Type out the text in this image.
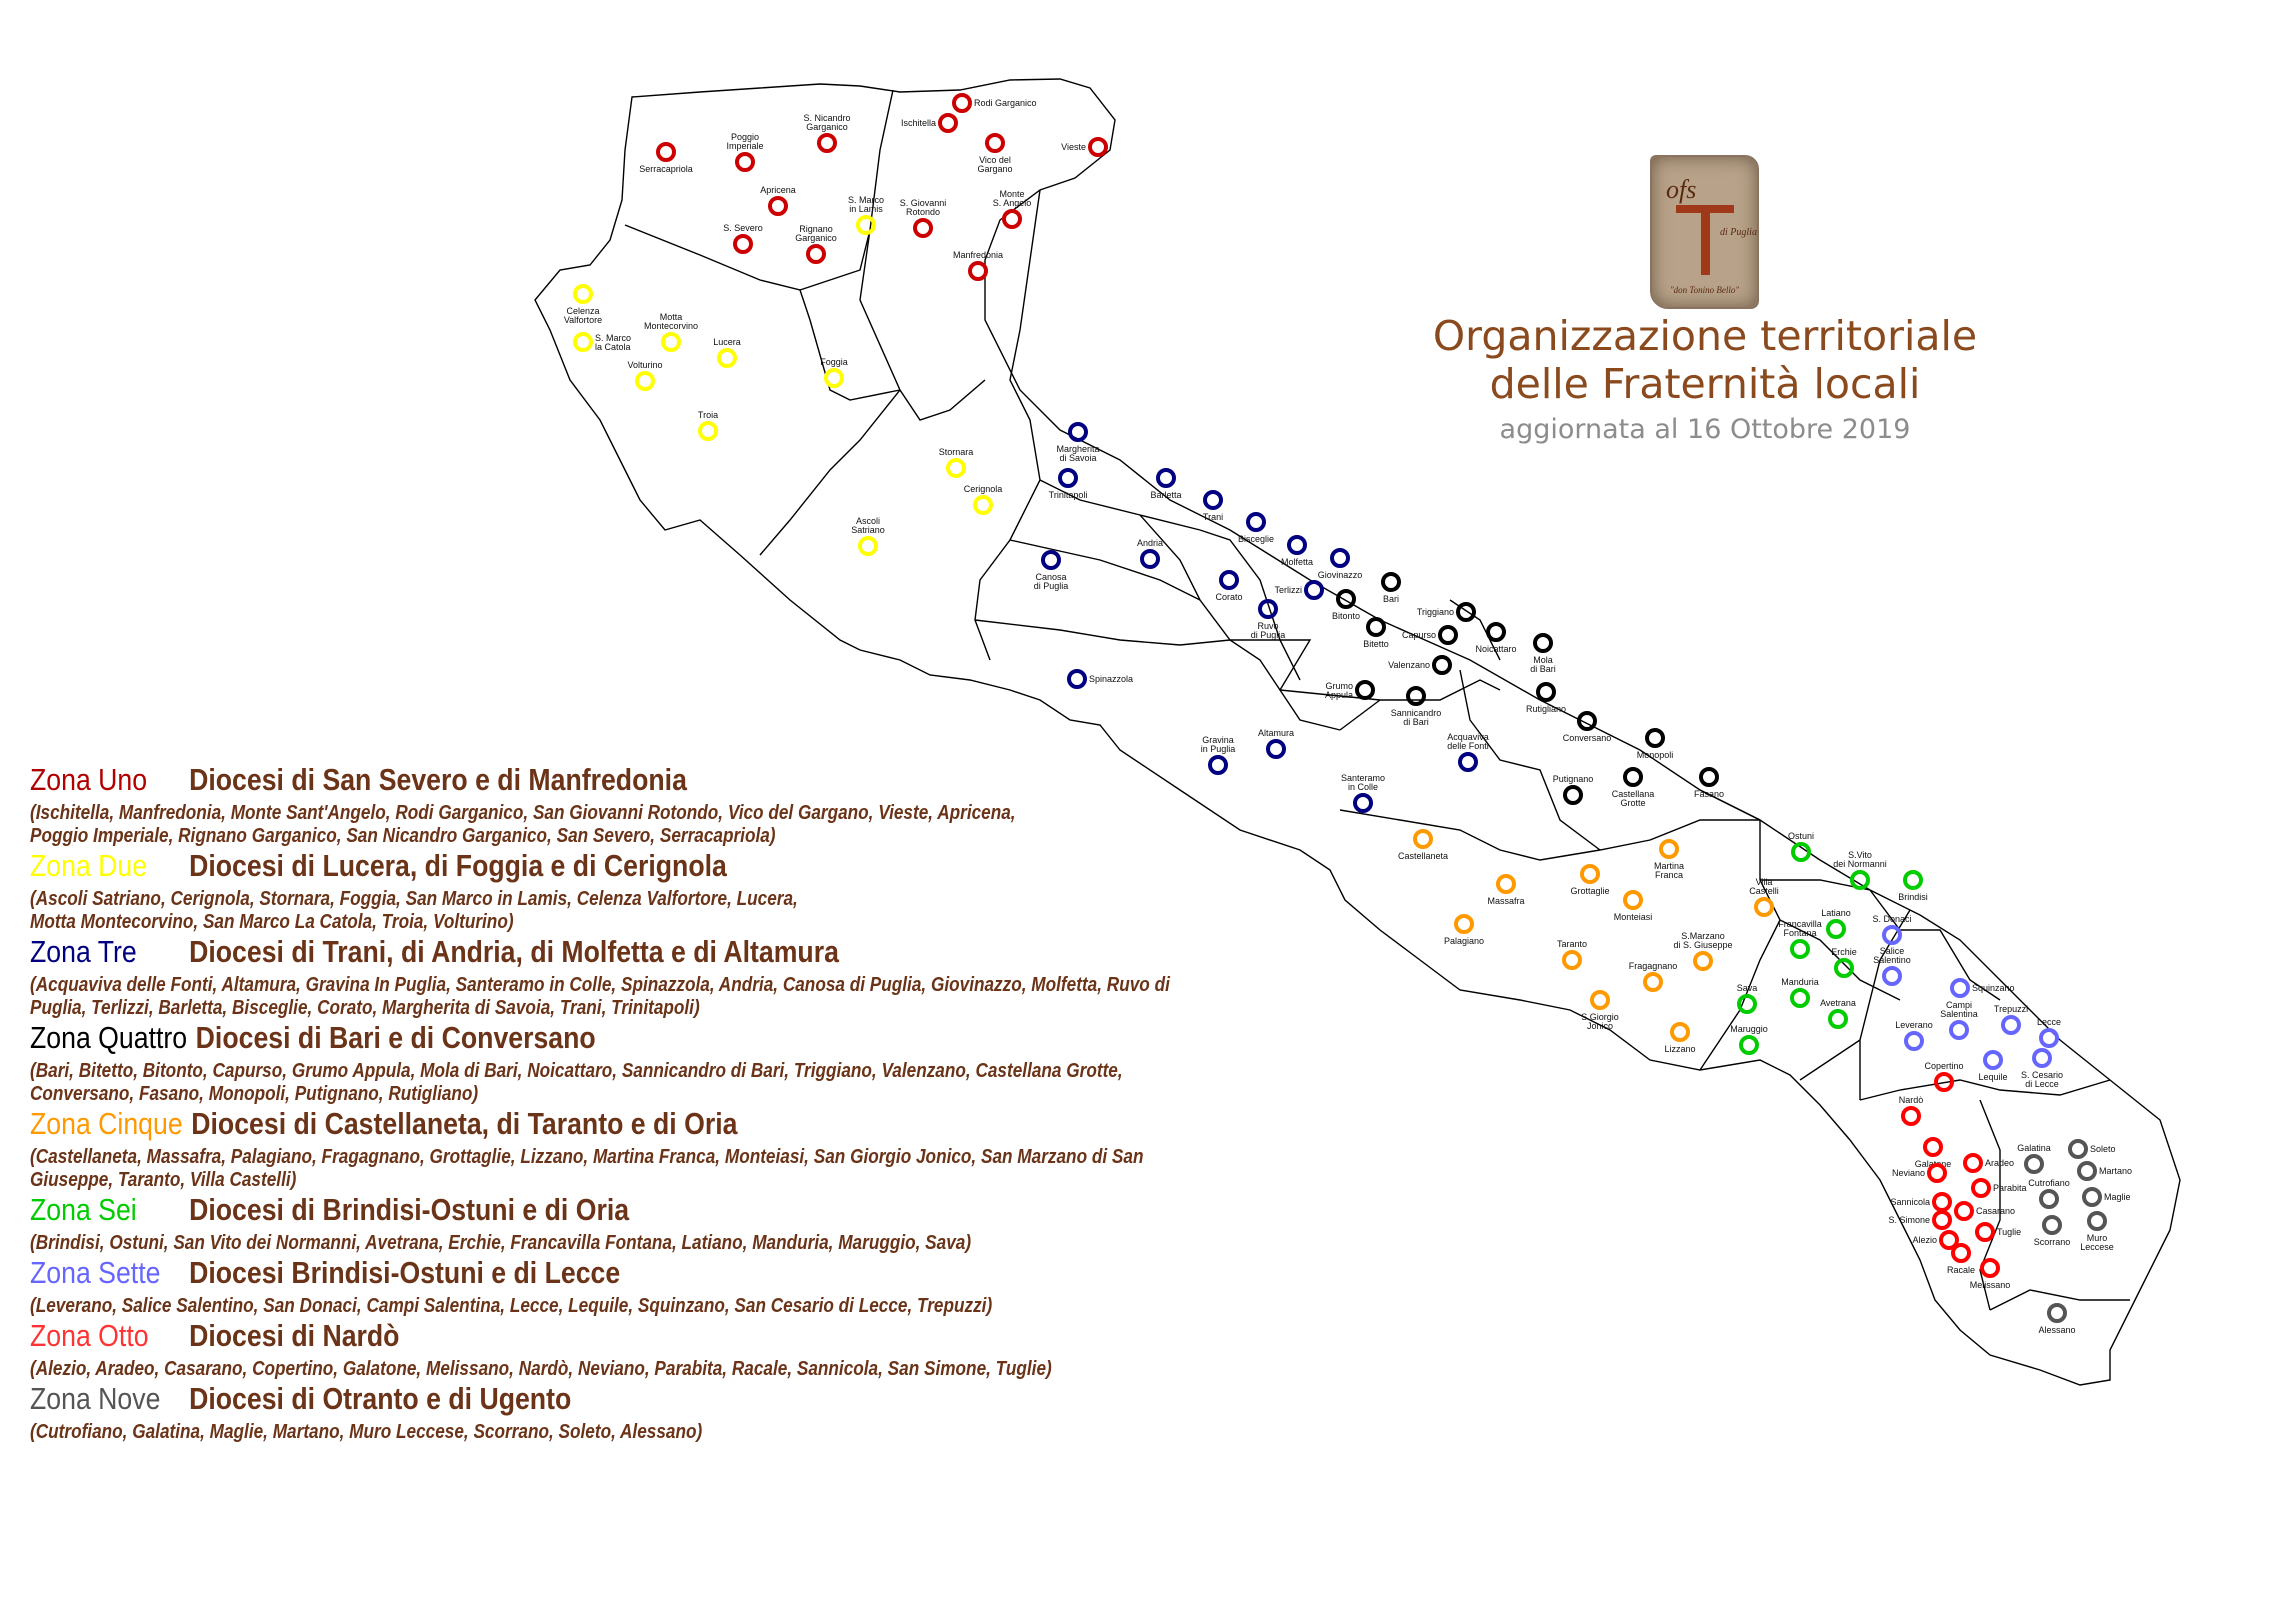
Serracapriola
Poggio Imperiale
S. Nicandro Garganico
Rodi Garganico
Ischitella
Vieste
Vico del Gargano
Apricena
S. Severo	Rignano Garganico
S. Giovanni Rotondo
Monte S. Angelo
Manfredonia
S. Marco in Lamis
Celenza Valfortore	Motta Montecorvino
S. Marco la Catola	Lucera
Volturino
Troia
Foggia
Stornara
Cerignola
Ascoli Satriano
Margherita di Savoia
Trinitapoli	Barletta
Trani
Bisceglie
Molfetta
Giovinazzo
Terlizzi
Canosa di Puglia
Andria
Corato
Ruvo di Puglia
Spinazzola
Gravina in Puglia
Altamura
Santeramo in Colle
Acquaviva delle Fonti
Bari
Bitonto
Bitetto
Triggiano
Capurso
Noicattaro
Mola di Bari
Valenzano
Grumo Appula
Sannicandro di Bari
Rutigliano
Conversano
Monopoli
Putignano
Castellana Grotte
Fasano
Castellaneta
Martina Franca
Massafra
Grottaglie
Villa Castelli
Palagiano
Monteiasi
S.Marzano di S. Giuseppe
Taranto
Fragagnano
S.Giorgio Jonico
Lizzano
Ostuni
S.Vito dei Normanni
Brindisi
Francavilla Fontana
Latiano
Erchie
Sava
Manduria
Avetrana
Maruggio
S. Donaci
Salice Salentino
Squinzano
Campi Salentina Trepuzzi
Lecce
Leverano
Lequile S. Cesario di Lecce
Copertino
Nardò
Galatone	Aradeo
Neviano
Parabita
Sannicola
Casarano
S. Simone
Alezio
Tuglie
Racale
Melissano
Galatina	Soleto
Martano
Cutrofiano
Maglie
Scorrano	Muro Leccese
Alessano
ofs
di Puglia
"don Tonino Bello"
Organizzazione territoriale
delle Fraternità locali
aggiornata al 16 Ottobre 2019
Zona Uno Diocesi di San Severo e di Manfredonia
(Ischitella, Manfredonia, Monte Sant'Angelo, Rodi Garganico, San Giovanni Rotondo, Vico del Gargano, Vieste, Apricena,
Poggio Imperiale, Rignano Garganico, San Nicandro Garganico, San Severo, Serracapriola)
Zona Due Diocesi di Lucera, di Foggia e di Cerignola
(Ascoli Satriano, Cerignola, Stornara, Foggia, San Marco in Lamis, Celenza Valfortore, Lucera,
Motta Montecorvino, San Marco La Catola, Troia, Volturino)
Zona Tre Diocesi di Trani, di Andria, di Molfetta e di Altamura
(Acquaviva delle Fonti, Altamura, Gravina In Puglia, Santeramo in Colle, Spinazzola, Andria, Canosa di Puglia, Giovinazzo, Molfetta, Ruvo di
Puglia, Terlizzi, Barletta, Bisceglie, Corato, Margherita di Savoia, Trani, Trinitapoli)
Zona Quattro Diocesi di Bari e di Conversano
(Bari, Bitetto, Bitonto, Capurso, Grumo Appula, Mola di Bari, Noicattaro, Sannicandro di Bari, Triggiano, Valenzano, Castellana Grotte,
Conversano, Fasano, Monopoli, Putignano, Rutigliano)
Zona Cinque Diocesi di Castellaneta, di Taranto e di Oria
(Castellaneta, Massafra, Palagiano, Fragagnano, Grottaglie, Lizzano, Martina Franca, Monteiasi, San Giorgio Jonico, San Marzano di San
Giuseppe, Taranto, Villa Castelli)
Zona Sei Diocesi di Brindisi-Ostuni e di Oria
(Brindisi, Ostuni, San Vito dei Normanni, Avetrana, Erchie, Francavilla Fontana, Latiano, Manduria, Maruggio, Sava)
Zona Sette Diocesi Brindisi-Ostuni e di Lecce
(Leverano, Salice Salentino, San Donaci, Campi Salentina, Lecce, Lequile, Squinzano, San Cesario di Lecce, Trepuzzi)
Zona Otto Diocesi di Nardò
(Alezio, Aradeo, Casarano, Copertino, Galatone, Melissano, Nardò, Neviano, Parabita, Racale, Sannicola, San Simone, Tuglie)
Zona Nove Diocesi di Otranto e di Ugento
(Cutrofiano, Galatina, Maglie, Martano, Muro Leccese, Scorrano, Soleto, Alessano)
